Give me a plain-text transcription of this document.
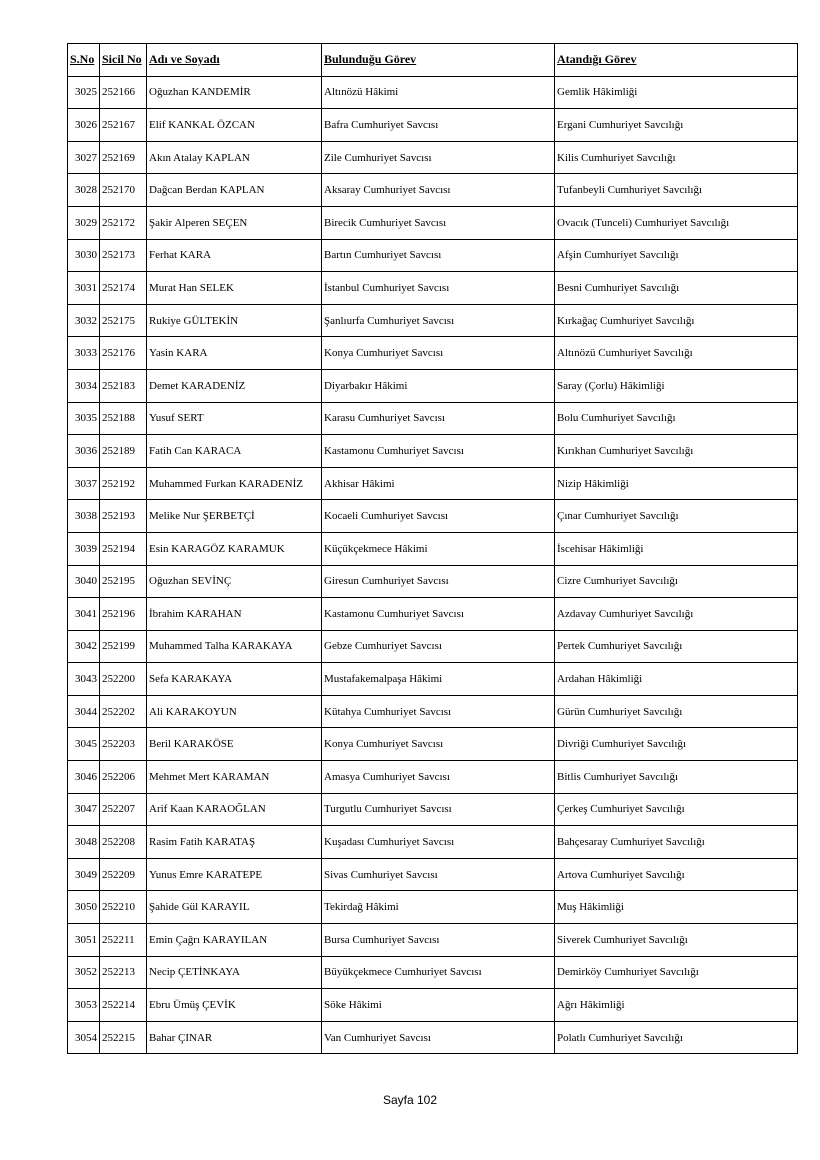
S.No	Sicil No	Adı ve Soyadı	Bulunduğu Görev	Atandığı Görev
3025	252166	Oğuzhan KANDEMİR	Altınözü Hâkimi	Gemlik Hâkimliği
3026	252167	Elif KANKAL ÖZCAN	Bafra Cumhuriyet Savcısı	Ergani Cumhuriyet Savcılığı
3027	252169	Akın Atalay KAPLAN	Zile Cumhuriyet Savcısı	Kilis Cumhuriyet Savcılığı
3028	252170	Dağcan Berdan KAPLAN	Aksaray Cumhuriyet Savcısı	Tufanbeyli Cumhuriyet Savcılığı
3029	252172	Şakir Alperen SEÇEN	Birecik Cumhuriyet Savcısı	Ovacık (Tunceli) Cumhuriyet Savcılığı
3030	252173	Ferhat KARA	Bartın Cumhuriyet Savcısı	Afşin Cumhuriyet Savcılığı
3031	252174	Murat Han SELEK	İstanbul Cumhuriyet Savcısı	Besni Cumhuriyet Savcılığı
3032	252175	Rukiye GÜLTEKİN	Şanlıurfa Cumhuriyet Savcısı	Kırkağaç Cumhuriyet Savcılığı
3033	252176	Yasin KARA	Konya Cumhuriyet Savcısı	Altınözü Cumhuriyet Savcılığı
3034	252183	Demet KARADENİZ	Diyarbakır Hâkimi	Saray (Çorlu) Hâkimliği
3035	252188	Yusuf SERT	Karasu Cumhuriyet Savcısı	Bolu Cumhuriyet Savcılığı
3036	252189	Fatih Can KARACA	Kastamonu Cumhuriyet Savcısı	Kırıkhan Cumhuriyet Savcılığı
3037	252192	Muhammed Furkan KARADENİZ	Akhisar Hâkimi	Nizip Hâkimliği
3038	252193	Melike Nur ŞERBETÇİ	Kocaeli Cumhuriyet Savcısı	Çınar Cumhuriyet Savcılığı
3039	252194	Esin KARAGÖZ KARAMUK	Küçükçekmece Hâkimi	İscehisar Hâkimliği
3040	252195	Oğuzhan SEVİNÇ	Giresun Cumhuriyet Savcısı	Cizre Cumhuriyet Savcılığı
3041	252196	İbrahim KARAHAN	Kastamonu Cumhuriyet Savcısı	Azdavay Cumhuriyet Savcılığı
3042	252199	Muhammed Talha KARAKAYA	Gebze Cumhuriyet Savcısı	Pertek Cumhuriyet Savcılığı
3043	252200	Sefa KARAKAYA	Mustafakemalpaşa Hâkimi	Ardahan Hâkimliği
3044	252202	Ali KARAKOYUN	Kütahya Cumhuriyet Savcısı	Gürün Cumhuriyet Savcılığı
3045	252203	Beril KARAKÖSE	Konya Cumhuriyet Savcısı	Divriği Cumhuriyet Savcılığı
3046	252206	Mehmet Mert KARAMAN	Amasya Cumhuriyet Savcısı	Bitlis Cumhuriyet Savcılığı
3047	252207	Arif Kaan KARAOĞLAN	Turgutlu Cumhuriyet Savcısı	Çerkeş Cumhuriyet Savcılığı
3048	252208	Rasim Fatih KARATAŞ	Kuşadası Cumhuriyet Savcısı	Bahçesaray Cumhuriyet Savcılığı
3049	252209	Yunus Emre KARATEPE	Sivas Cumhuriyet Savcısı	Artova Cumhuriyet Savcılığı
3050	252210	Şahide Gül KARAYIL	Tekirdağ Hâkimi	Muş Hâkimliği
3051	252211	Emin Çağrı KARAYILAN	Bursa Cumhuriyet Savcısı	Siverek Cumhuriyet Savcılığı
3052	252213	Necip ÇETİNKAYA	Büyükçekmece Cumhuriyet Savcısı	Demirköy Cumhuriyet Savcılığı
3053	252214	Ebru Ümüş ÇEVİK	Söke Hâkimi	Ağrı Hâkimliği
3054	252215	Bahar ÇINAR	Van Cumhuriyet Savcısı	Polatlı Cumhuriyet Savcılığı
Sayfa 102
